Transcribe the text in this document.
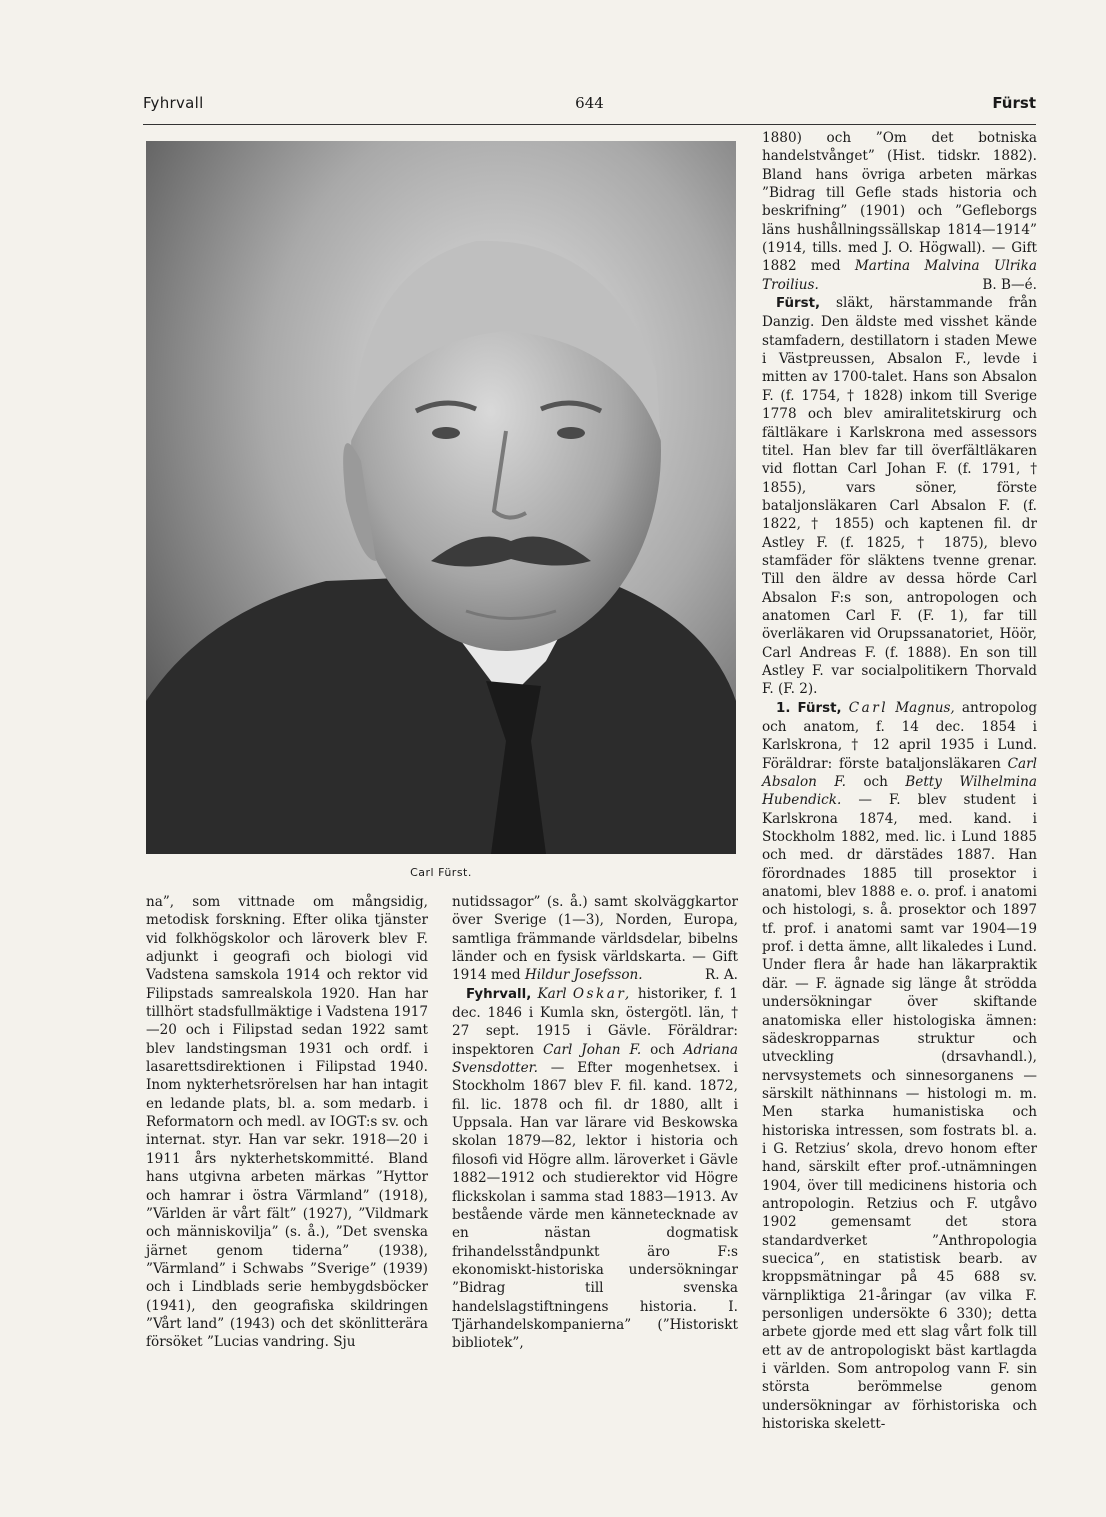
Fyhrvall	644	Fürst
Carl Fürst.

na”, som vittnade om mångsidig, metodisk forskning. Efter olika tjänster vid folkhögskolor och läroverk blev F. adjunkt i geografi och biologi vid Vadstena samskola 1914 och rektor vid Filipstads samrealskola 1920. Han har tillhört stadsfullmäktige i Vadstena 1917—20 och i Filipstad sedan 1922 samt blev landstingsman 1931 och ordf. i lasarettsdirektionen i Filipstad 1940. Inom nykterhetsrörelsen har han intagit en ledande plats, bl. a. som medarb. i Reformatorn och medl. av IOGT:s sv. och internat. styr. Han var sekr. 1918—20 i 1911 års nykterhetskommitté. Bland hans utgivna arbeten märkas ”Hyttor och hamrar i östra Värmland” (1918), ”Världen är vårt fält” (1927), ”Vildmark och människovilja” (s. å.), ”Det svenska järnet genom tiderna” (1938), ”Värmland” i Schwabs ”Sverige” (1939) och i Lindblads serie hembygdsböcker (1941), den geografiska skildringen ”Vårt land” (1943) och det skönlitterära försöket ”Lucias vandring. Sju

nutidssagor” (s. å.) samt skolväggkartor över Sverige (1—3), Norden, Europa, samtliga främmande världsdelar, bibelns länder och en fysisk världskarta. — Gift 1914 med Hildur Josefsson.	R. A.

Fyhrvall, Karl Oskar, historiker, f. 1 dec. 1846 i Kumla skn, östergötl. län, † 27 sept. 1915 i Gävle. Föräldrar: inspektoren Carl Johan F. och Adriana Svensdotter. — Efter mogenhetsex. i Stockholm 1867 blev F. fil. kand. 1872, fil. lic. 1878 och fil. dr 1880, allt i Uppsala. Han var lärare vid Beskowska skolan 1879—82, lektor i historia och filosofi vid Högre allm. läroverket i Gävle 1882—1912 och studierektor vid Högre flickskolan i samma stad 1883—1913. Av bestående värde men kännetecknade av en nästan dogmatisk frihandelsståndpunkt äro F:s ekonomiskt-historiska undersökningar ”Bidrag till svenska handelslagstiftningens historia. I. Tjärhandelskompanierna” (”Historiskt bibliotek”,

1880) och ”Om det botniska handelstvånget” (Hist. tidskr. 1882). Bland hans övriga arbeten märkas ”Bidrag till Gefle stads historia och beskrifning” (1901) och ”Gefleborgs läns hushållningssällskap 1814—1914” (1914, tills. med J. O. Högwall). — Gift 1882 med Martina Malvina Ulrika Troilius.	B. B—é.

Fürst, släkt, härstammande från Danzig. Den äldste med visshet kände stamfadern, destillatorn i staden Mewe i Västpreussen, Absalon F., levde i mitten av 1700-talet. Hans son Absalon F. (f. 1754, † 1828) inkom till Sverige 1778 och blev amiralitetskirurg och fältläkare i Karlskrona med assessors titel. Han blev far till överfältläkaren vid flottan Carl Johan F. (f. 1791, † 1855), vars söner, förste bataljonsläkaren Carl Absalon F. (f. 1822, † 1855) och kaptenen fil. dr Astley F. (f. 1825, † 1875), blevo stamfäder för släktens tvenne grenar. Till den äldre av dessa hörde Carl Absalon F:s son, antropologen och anatomen Carl F. (F. 1), far till överläkaren vid Orupssanatoriet, Höör, Carl Andreas F. (f. 1888). En son till Astley F. var socialpolitikern Thorvald F. (F. 2).

1. Fürst, Carl Magnus, antropolog och anatom, f. 14 dec. 1854 i Karlskrona, † 12 april 1935 i Lund. Föräldrar: förste bataljonsläkaren Carl Absalon F. och Betty Wilhelmina Hubendick. — F. blev student i Karlskrona 1874, med. kand. i Stockholm 1882, med. lic. i Lund 1885 och med. dr därstädes 1887. Han förordnades 1885 till prosektor i anatomi, blev 1888 e. o. prof. i anatomi och histologi, s. å. prosektor och 1897 tf. prof. i anatomi samt var 1904—19 prof. i detta ämne, allt likaledes i Lund. Under flera år hade han läkarpraktik där. — F. ägnade sig länge åt strödda undersökningar över skiftande anatomiska eller histologiska ämnen: sädeskropparnas struktur och utveckling (drsavhandl.), nervsystemets och sinnesorganens — särskilt näthinnans — histologi m. m. Men starka humanistiska och historiska intressen, som fostrats bl. a. i G. Retzius’ skola, drevo honom efter hand, särskilt efter prof.-utnämningen 1904, över till medicinens historia och antropologin. Retzius och F. utgåvo 1902 gemensamt det stora standardverket ”Anthropologia suecica”, en statistisk bearb. av kroppsmätningar på 45 688 sv. värnpliktiga 21-åringar (av vilka F. personligen undersökte 6 330); detta arbete gjorde med ett slag vårt folk till ett av de antropologiskt bäst kartlagda i världen. Som antropolog vann F. sin största berömmelse genom undersökningar av förhistoriska och historiska skelett-
